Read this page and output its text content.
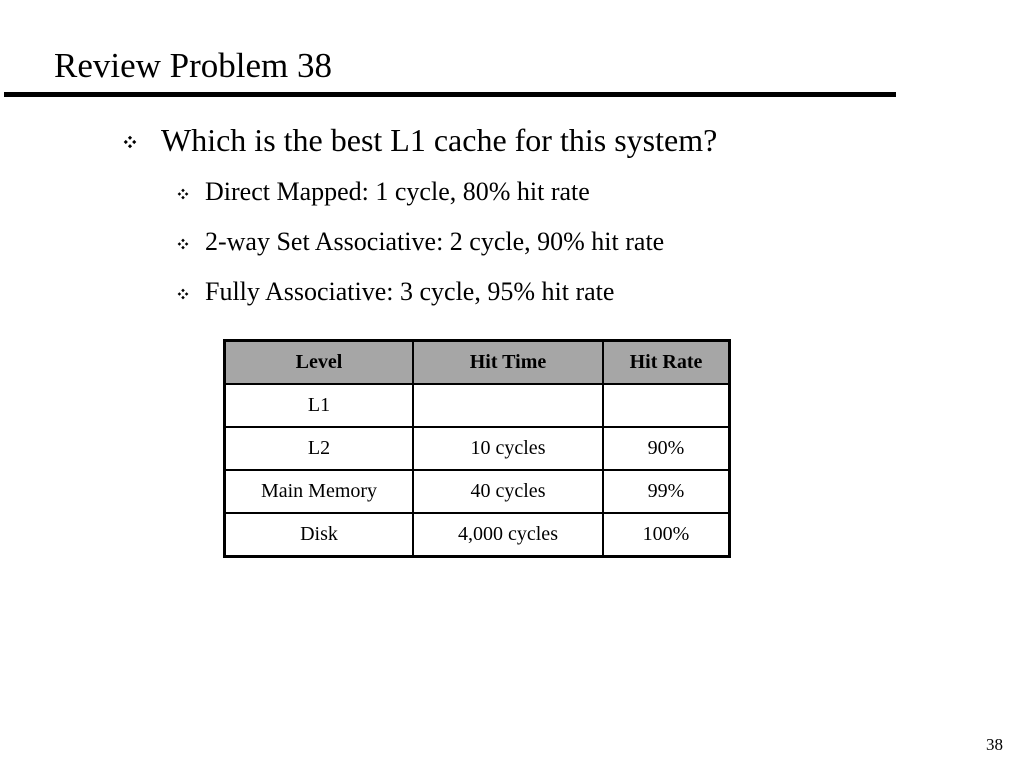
Review Problem 38
Which is the best L1 cache for this system?
Direct Mapped: 1 cycle, 80% hit rate
2-way Set Associative: 2 cycle, 90% hit rate
Fully Associative: 3 cycle, 95% hit rate
Level	Hit Time	Hit Rate
L1		
L2	10 cycles	90%
Main Memory	40 cycles	99%
Disk	4,000 cycles	100%
38
